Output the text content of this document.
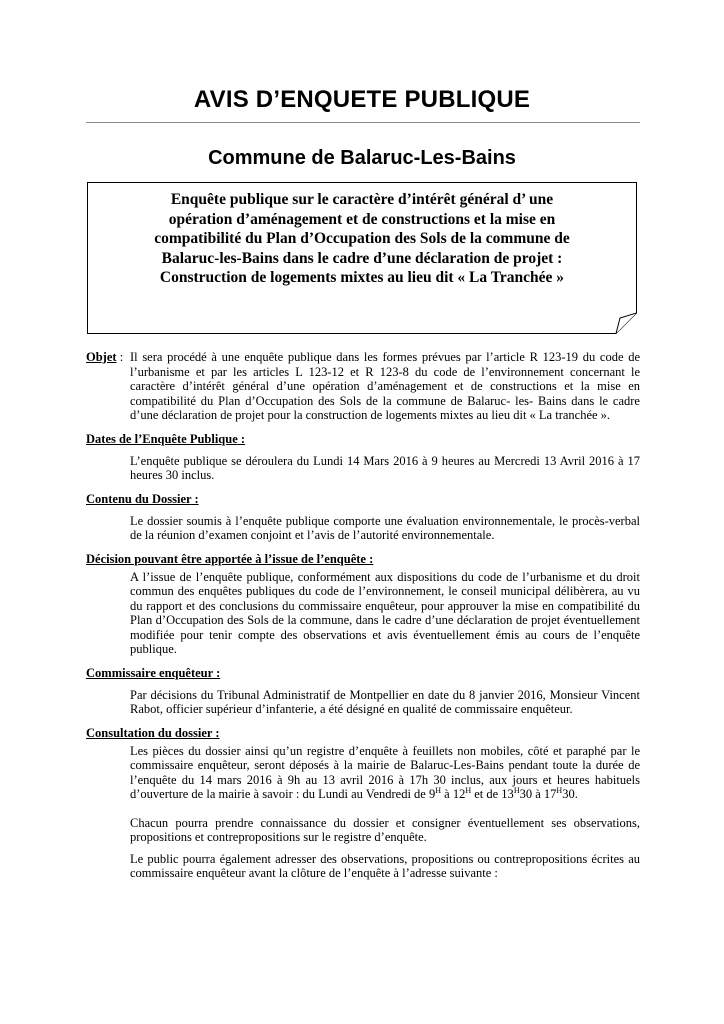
AVIS D’ENQUETE PUBLIQUE
Commune de Balaruc-Les-Bains
Enquête publique sur le caractère d’intérêt général d’ une
opération d’aménagement et de constructions et la mise en
compatibilité du Plan d’Occupation des Sols de la commune de
Balaruc-les-Bains dans le cadre d’une déclaration de projet :
Construction de logements mixtes au lieu dit « La Tranchée »
Objet : Il sera procédé à une enquête publique dans les formes prévues par l’article R 123-19 du code de l’urbanisme et par les articles L 123-12 et R 123-8 du code de l’environnement concernant le caractère d’intérêt général d’une opération d’aménagement et de constructions et la mise en compatibilité du Plan d’Occupation des Sols de la commune de Balaruc- les- Bains dans le cadre d’une déclaration de projet pour la construction de logements mixtes au lieu dit « La tranchée ».
Dates de l’Enquête Publique :
L’enquête publique se déroulera du Lundi 14 Mars 2016 à 9 heures au Mercredi 13 Avril 2016 à 17 heures 30 inclus.
Contenu du Dossier :
Le dossier soumis à l’enquête publique comporte une évaluation environnementale, le procès-verbal de la réunion d’examen conjoint et l’avis de l’autorité environnementale.
Décision pouvant être apportée à l’issue de l’enquête :
A l’issue de l’enquête publique, conformément aux dispositions du code de l’urbanisme et du droit commun des enquêtes publiques du code de l’environnement, le conseil municipal délibèrera, au vu du rapport et des conclusions du commissaire enquêteur, pour approuver la mise en compatibilité du Plan d’Occupation des Sols de la commune, dans le cadre d’une déclaration de projet éventuellement modifiée pour tenir compte des observations et avis éventuellement émis au cours de l’enquête publique.
Commissaire enquêteur :
Par décisions du Tribunal Administratif de Montpellier en date du 8 janvier 2016, Monsieur Vincent Rabot, officier supérieur d’infanterie, a été désigné en qualité de commissaire enquêteur.
Consultation du dossier :
Les pièces du dossier ainsi qu’un registre d’enquête à feuillets non mobiles, côté et paraphé par le commissaire enquêteur, seront déposés à la mairie de Balaruc-Les-Bains pendant toute la durée de l’enquête du 14 mars 2016 à 9h au 13 avril 2016 à 17h 30 inclus, aux jours et heures habituels d’ouverture de la mairie à savoir : du Lundi au Vendredi de $9^H$ à $12^H$ et de $13^H30$ à $17^H30$.
Chacun pourra prendre connaissance du dossier et consigner éventuellement ses observations, propositions et contrepropositions sur le registre d’enquête.
Le public pourra également adresser des observations, propositions ou contrepropositions écrites au commissaire enquêteur avant la clôture de l’enquête à l’adresse suivante :
